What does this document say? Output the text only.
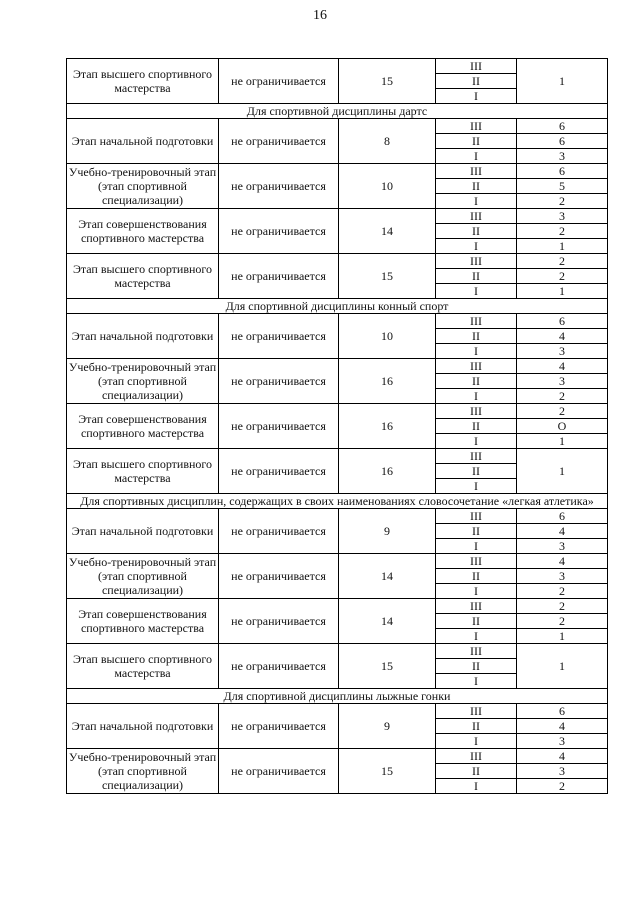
16
Этап высшего спортивного мастерства	не ограничивается	15	III	1
			II	
			I	
Для спортивной дисциплины дартс				
Этап начальной подготовки	не ограничивается	8	III	6
			II	6
			I	3
Учебно-тренировочный этап (этап спортивной специализации)	не ограничивается	10	III	6
			II	5
			I	2
Этап совершенствования спортивного мастерства	не ограничивается	14	III	3
			II	2
			I	1
Этап высшего спортивного мастерства	не ограничивается	15	III	2
			II	2
			I	1
Для спортивной дисциплины конный спорт				
Этап начальной подготовки	не ограничивается	10	III	6
			II	4
			I	3
Учебно-тренировочный этап (этап спортивной специализации)	не ограничивается	16	III	4
			II	3
			I	2
Этап совершенствования спортивного мастерства	не ограничивается	16	III	2
			II	O
			I	1
Этап высшего спортивного мастерства	не ограничивается	16	III	1
			II	
			I	
Для спортивных дисциплин, содержащих в своих наименованиях словосочетание «легкая атлетика»				
Этап начальной подготовки	не ограничивается	9	III	6
			II	4
			I	3
Учебно-тренировочный этап (этап спортивной специализации)	не ограничивается	14	III	4
			II	3
			I	2
Этап совершенствования спортивного мастерства	не ограничивается	14	III	2
			II	2
			I	1
Этап высшего спортивного мастерства	не ограничивается	15	III	1
			II	
			I	
Для спортивной дисциплины лыжные гонки				
Этап начальной подготовки	не ограничивается	9	III	6
			II	4
			I	3
Учебно-тренировочный этап (этап спортивной специализации)	не ограничивается	15	III	4
			II	3
			I	2
